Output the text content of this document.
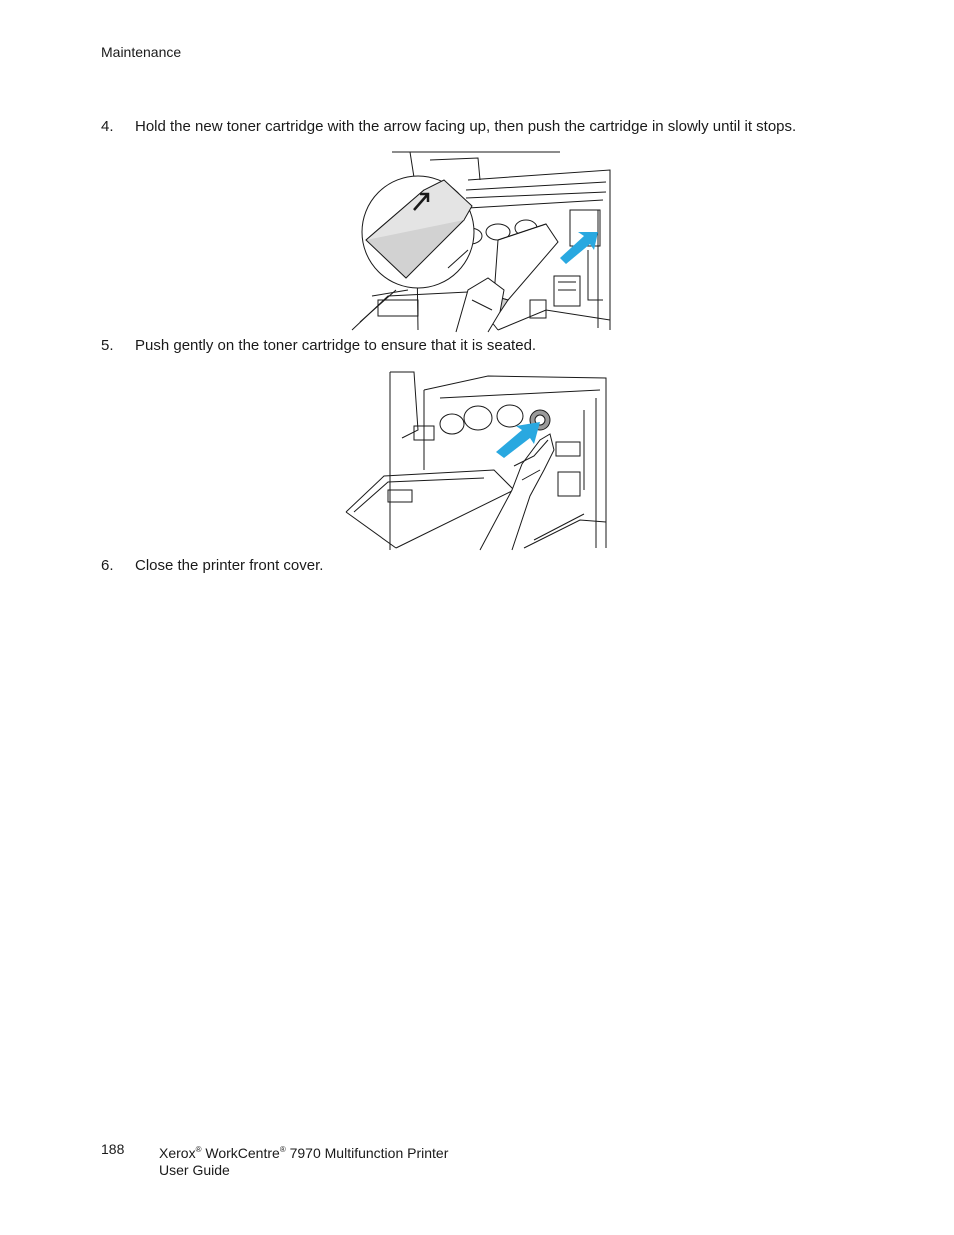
Maintenance
4. Hold the new toner cartridge with the arrow facing up, then push the cartridge in slowly until it stops.
5. Push gently on the toner cartridge to ensure that it is seated.
6. Close the printer front cover.
188 Xerox® WorkCentre® 7970 Multifunction Printer
User Guide
